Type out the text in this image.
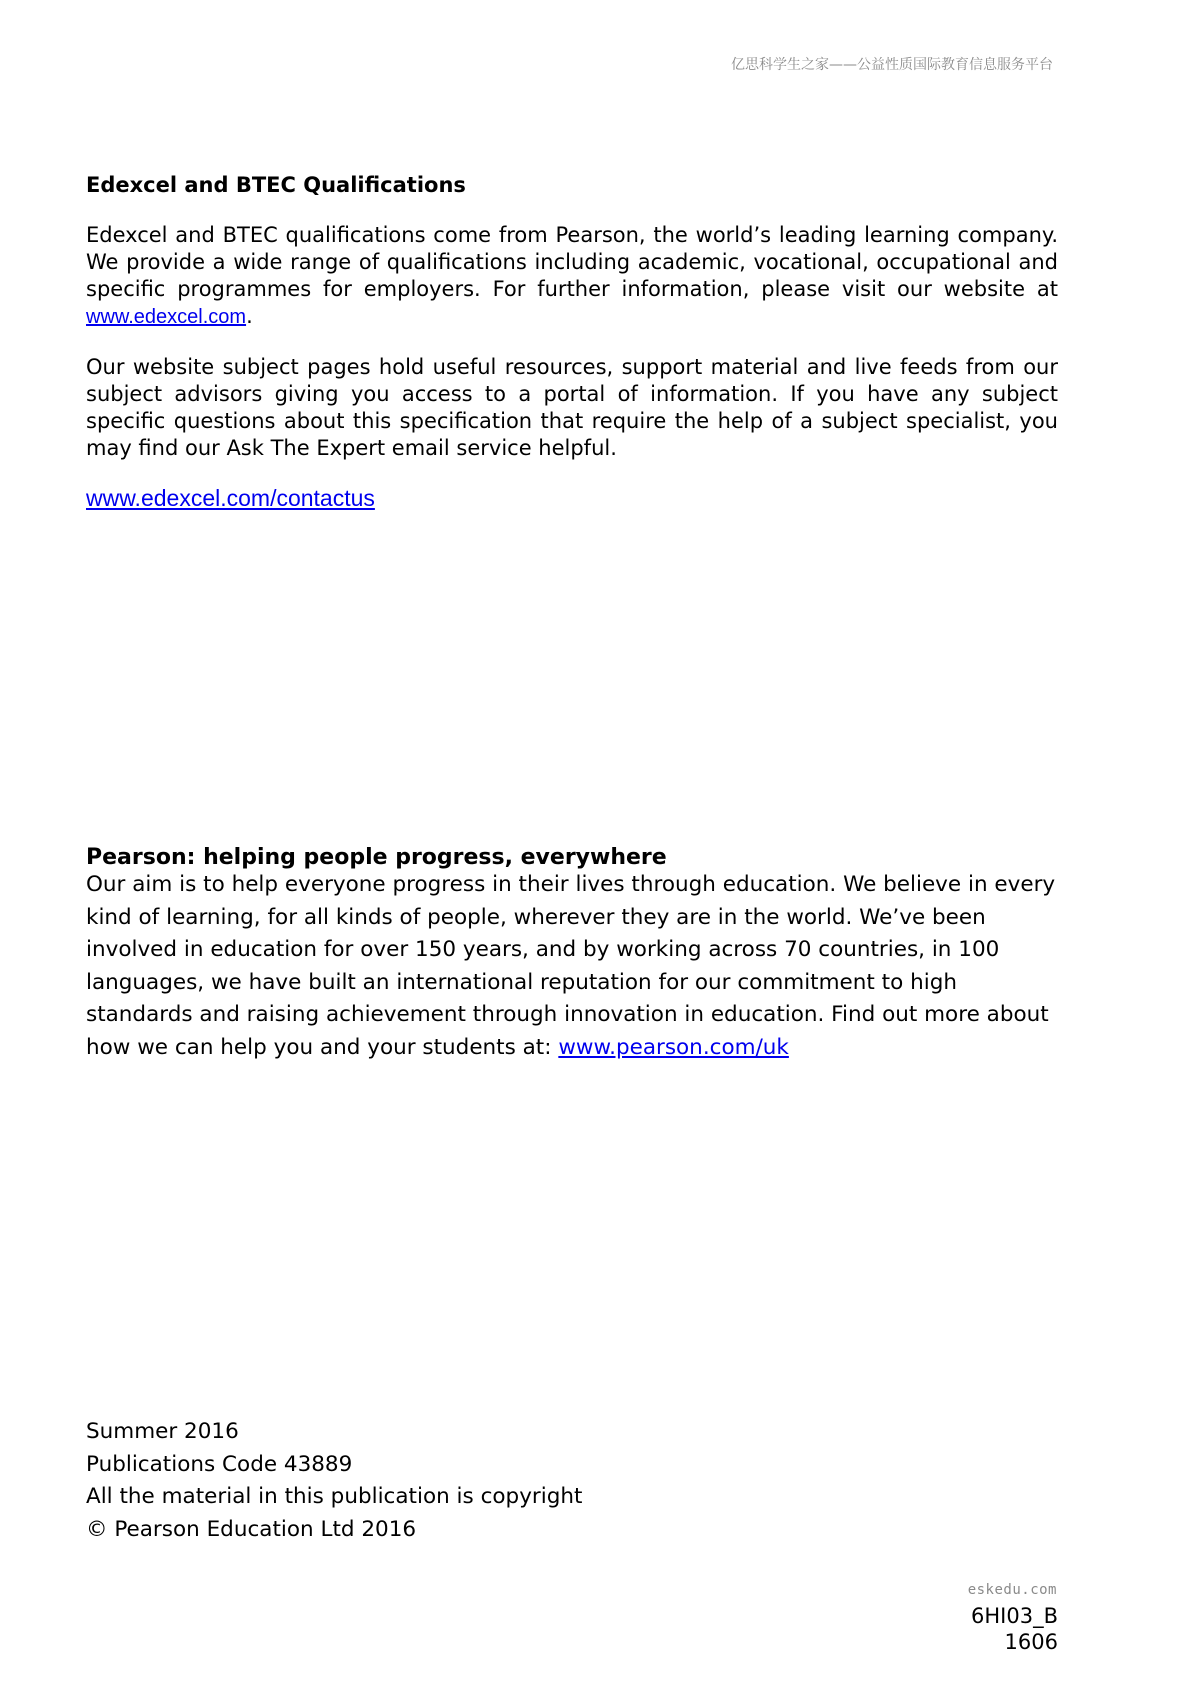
亿思科学生之家——公益性质国际教育信息服务平台

Edexcel and BTEC Qualifications

Edexcel and BTEC qualifications come from Pearson, the world’s leading learning company. We provide a wide range of qualifications including academic, vocational, occupational and specific programmes for employers. For further information, please visit our website at www.edexcel.com.

Our website subject pages hold useful resources, support material and live feeds from our subject advisors giving you access to a portal of information. If you have any subject specific questions about this specification that require the help of a subject specialist, you may find our Ask The Expert email service helpful.

www.edexcel.com/contactus

Pearson: helping people progress, everywhere

Our aim is to help everyone progress in their lives through education. We believe in every kind of learning, for all kinds of people, wherever they are in the world. We’ve been involved in education for over 150 years, and by working across 70 countries, in 100 languages, we have built an international reputation for our commitment to high standards and raising achievement through innovation in education. Find out more about how we can help you and your students at: www.pearson.com/uk

Summer 2016
Publications Code 43889
All the material in this publication is copyright
© Pearson Education Ltd 2016
eskedu.com
6HI03_B
1606
